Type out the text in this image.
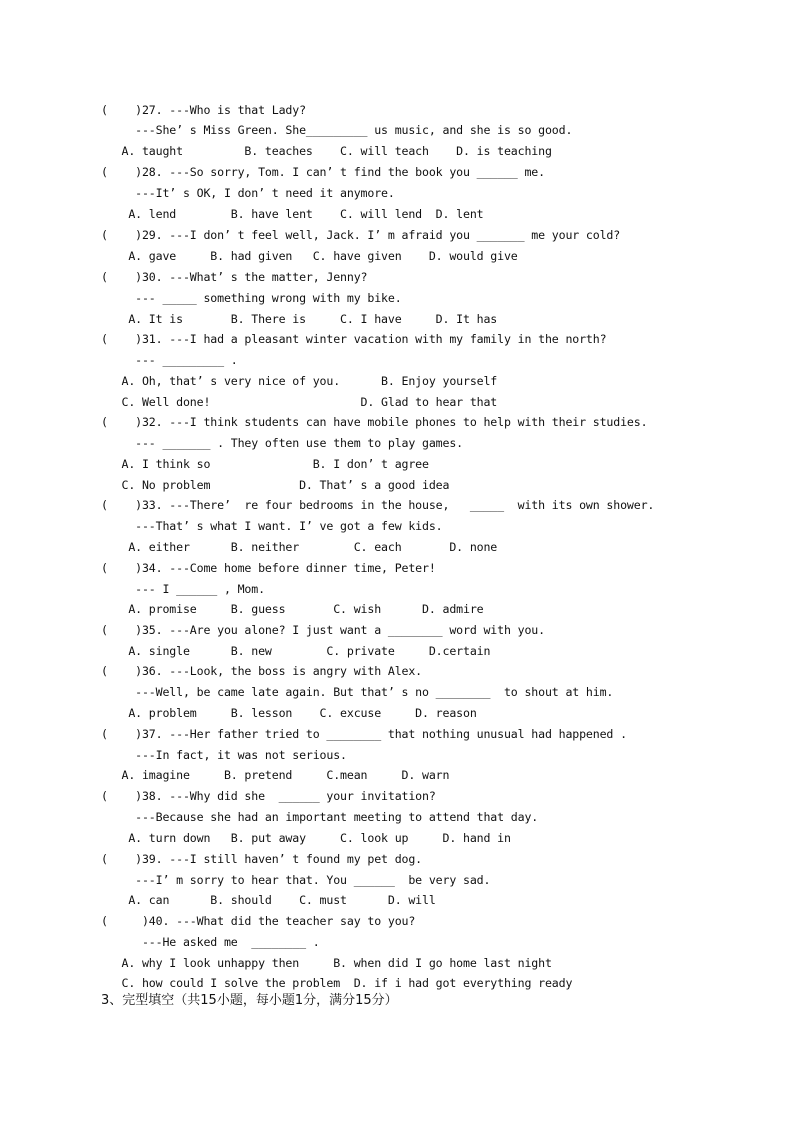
(    )27. ---Who is that Lady?
---She’ s Miss Green. She_________ us music, and she is so good.
A. taught         B. teaches    C. will teach    D. is teaching
(    )28. ---So sorry, Tom. I can’ t find the book you ______ me.
---It’ s OK, I don’ t need it anymore.
A. lend        B. have lent    C. will lend  D. lent
(    )29. ---I don’ t feel well, Jack. I’ m afraid you _______ me your cold?
A. gave     B. had given   C. have given    D. would give
(    )30. ---What’ s the matter, Jenny?
--- _____ something wrong with my bike.
A. It is       B. There is     C. I have     D. It has
(    )31. ---I had a pleasant winter vacation with my family in the north?
--- _________ .
A. Oh, that’ s very nice of you.      B. Enjoy yourself
C. Well done!                      D. Glad to hear that
(    )32. ---I think students can have mobile phones to help with their studies.
--- _______ . They often use them to play games.
A. I think so               B. I don’ t agree
C. No problem             D. That’ s a good idea
(    )33. ---There’  re four bedrooms in the house,   _____  with its own shower.
---That’ s what I want. I’ ve got a few kids.
A. either      B. neither        C. each       D. none
(    )34. ---Come home before dinner time, Peter!
--- I ______ , Mom.
A. promise     B. guess       C. wish      D. admire
(    )35. ---Are you alone? I just want a ________ word with you.
A. single      B. new        C. private     D.certain
(    )36. ---Look, the boss is angry with Alex.
---Well, be came late again. But that’ s no ________  to shout at him.
A. problem     B. lesson    C. excuse     D. reason
(    )37. ---Her father tried to ________ that nothing unusual had happened .
---In fact, it was not serious.
A. imagine     B. pretend     C.mean     D. warn
(    )38. ---Why did she  ______ your invitation?
---Because she had an important meeting to attend that day.
A. turn down   B. put away     C. look up     D. hand in
(    )39. ---I still haven’ t found my pet dog.
---I’ m sorry to hear that. You ______  be very sad.
A. can      B. should    C. must      D. will
(     )40. ---What did the teacher say to you?
---He asked me  ________ .
A. why I look unhappy then     B. when did I go home last night
C. how could I solve the problem  D. if i had got everything ready
3、完型填空（共15小题，每小题1分，满分15分）
